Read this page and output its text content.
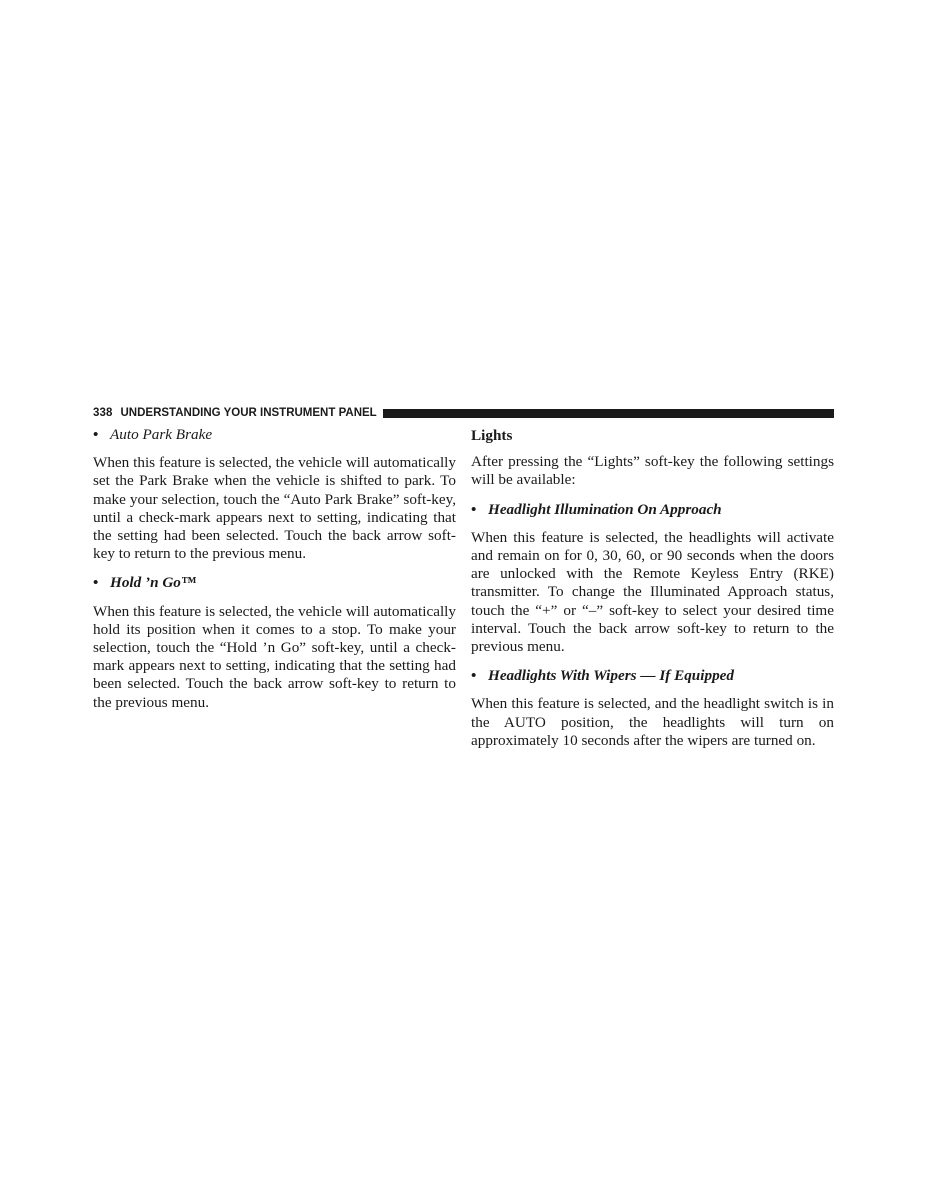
338 UNDERSTANDING YOUR INSTRUMENT PANEL

• Auto Park Brake

When this feature is selected, the vehicle will automatically set the Park Brake when the vehicle is shifted to park. To make your selection, touch the “Auto Park Brake” soft-key, until a check-mark appears next to setting, indicating that the setting had been selected. Touch the back arrow soft-key to return to the previous menu.

• Hold ’n Go™

When this feature is selected, the vehicle will automatically hold its position when it comes to a stop. To make your selection, touch the “Hold ’n Go” soft-key, until a check-mark appears next to setting, indicating that the setting had been selected. Touch the back arrow soft-key to return to the previous menu.

Lights

After pressing the “Lights” soft-key the following settings will be available:

• Headlight Illumination On Approach

When this feature is selected, the headlights will activate and remain on for 0, 30, 60, or 90 seconds when the doors are unlocked with the Remote Keyless Entry (RKE) transmitter. To change the Illuminated Approach status, touch the “+” or “–” soft-key to select your desired time interval. Touch the back arrow soft-key to return to the previous menu.

• Headlights With Wipers — If Equipped

When this feature is selected, and the headlight switch is in the AUTO position, the headlights will turn on approximately 10 seconds after the wipers are turned on.
